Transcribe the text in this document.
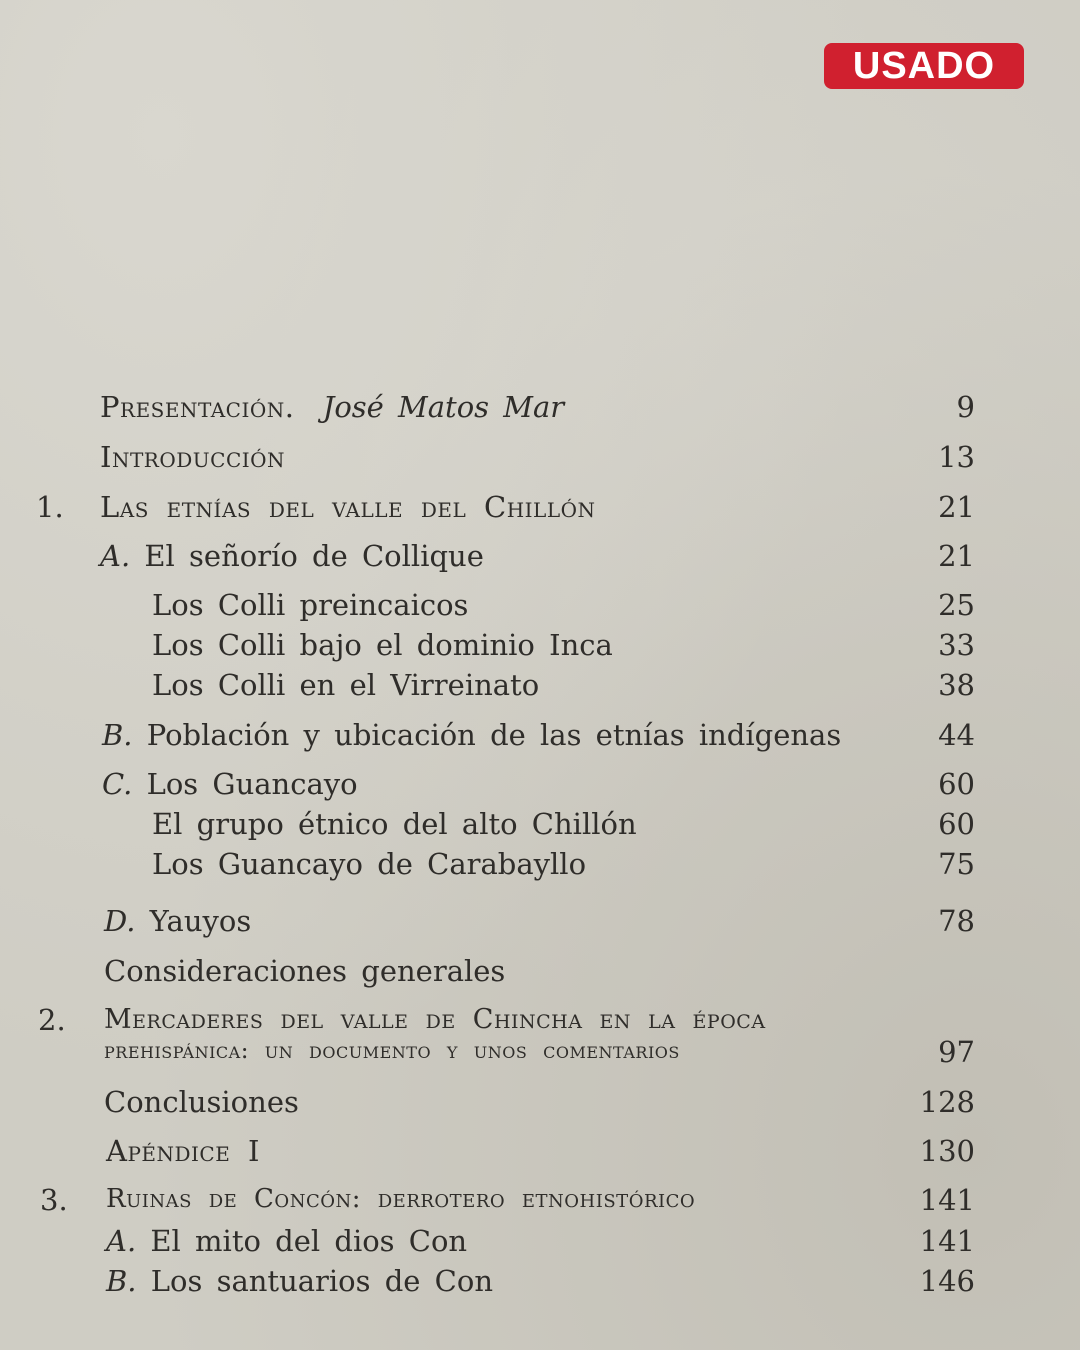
USADO
Presentación. José Matos Mar	9
Introducción	13
1. Las etnías del valle del Chillón	21
A. El señorío de Collique	21
Los Colli preincaicos	25
Los Colli bajo el dominio Inca	33
Los Colli en el Virreinato	38
B. Población y ubicación de las etnías indígenas	44
C. Los Guancayo	60
El grupo étnico del alto Chillón	60
Los Guancayo de Carabayllo	75
D. Yauyos	78
Consideraciones generales
2. Mercaderes del valle de Chincha en la época
prehispánica: un documento y unos comentarios	97
Conclusiones	128
Apéndice I	130
3. Ruinas de Concón: derrotero etnohistórico	141
A. El mito del dios Con	141
B. Los santuarios de Con	146
